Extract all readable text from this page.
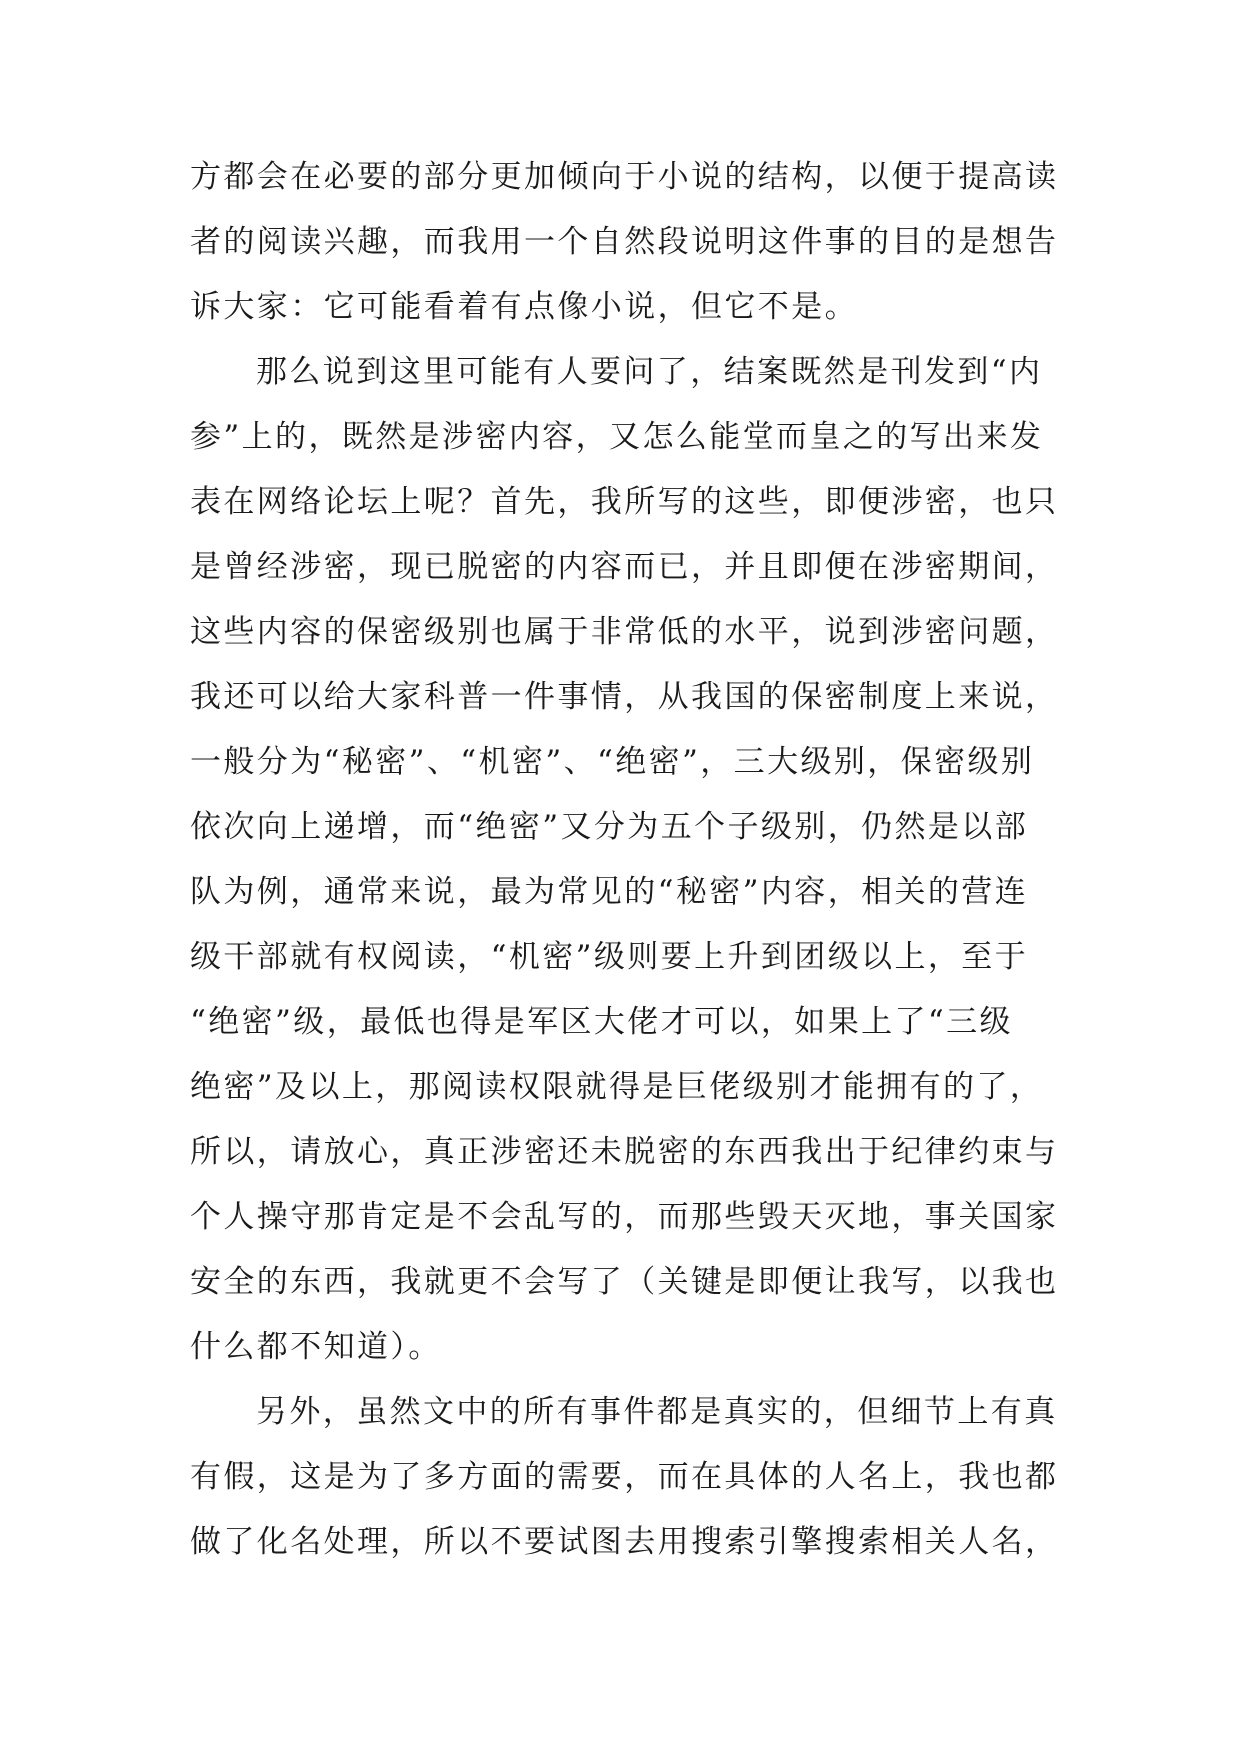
方都会在必要的部分更加倾向于小说的结构，以便于提高读
者的阅读兴趣，而我用一个自然段说明这件事的目的是想告
诉大家：它可能看着有点像小说，但它不是。
那么说到这里可能有人要问了，结案既然是刊发到“内
参”上的，既然是涉密内容，又怎么能堂而皇之的写出来发
表在网络论坛上呢？首先，我所写的这些，即便涉密，也只
是曾经涉密，现已脱密的内容而已，并且即便在涉密期间，
这些内容的保密级别也属于非常低的水平，说到涉密问题，
我还可以给大家科普一件事情，从我国的保密制度上来说，
一般分为“秘密”、“机密”、“绝密”，三大级别，保密级别
依次向上递增，而“绝密”又分为五个子级别，仍然是以部
队为例，通常来说，最为常见的“秘密”内容，相关的营连
级干部就有权阅读，“机密”级则要上升到团级以上，至于
“绝密”级，最低也得是军区大佬才可以，如果上了“三级
绝密”及以上，那阅读权限就得是巨佬级别才能拥有的了，
所以，请放心，真正涉密还未脱密的东西我出于纪律约束与
个人操守那肯定是不会乱写的，而那些毁天灭地，事关国家
安全的东西，我就更不会写了（关键是即便让我写，以我也
什么都不知道）。
另外，虽然文中的所有事件都是真实的，但细节上有真
有假，这是为了多方面的需要，而在具体的人名上，我也都
做了化名处理，所以不要试图去用搜索引擎搜索相关人名，
